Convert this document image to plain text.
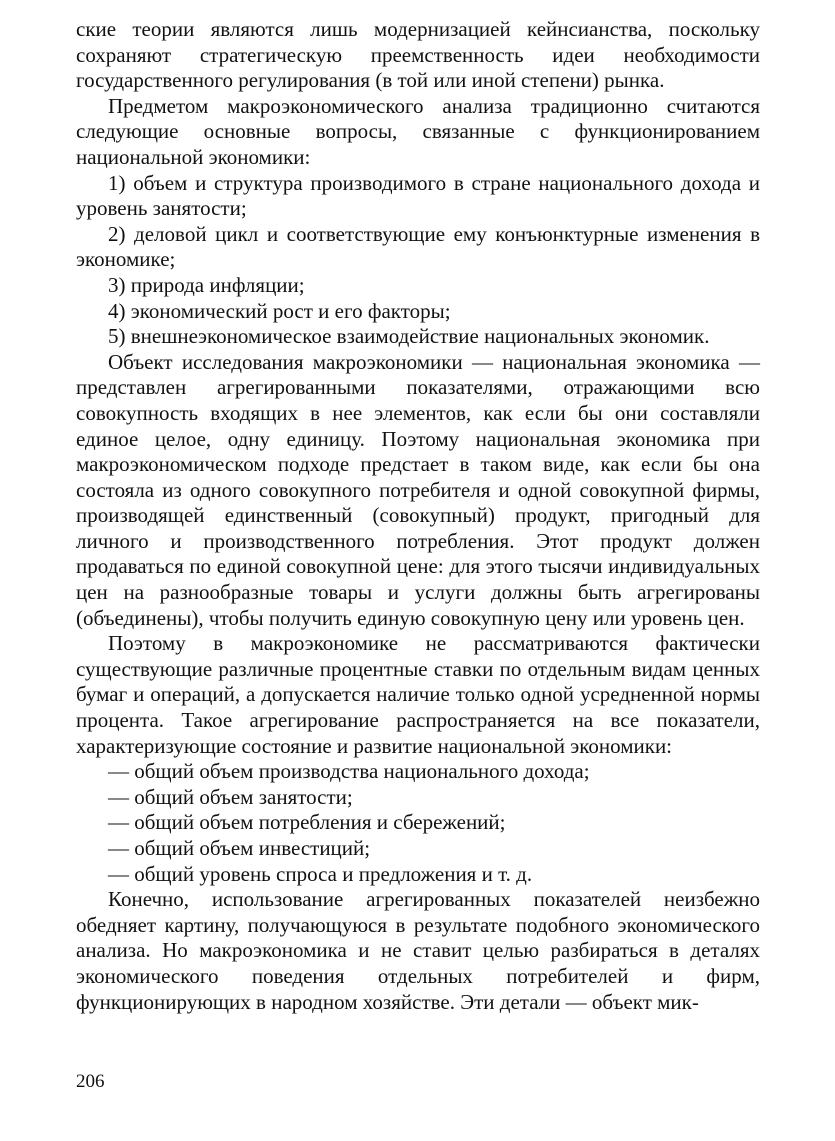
ские теории являются лишь модернизацией кейнсианства, поскольку сохраняют стратегическую преемственность идеи необходимости государственного регулирования (в той или иной степени) рынка.

Предметом макроэкономического анализа традиционно считаются следующие основные вопросы, связанные с функционированием национальной экономики:

1) объем и структура производимого в стране национального дохода и уровень занятости;

2) деловой цикл и соответствующие ему конъюнктурные изменения в экономике;

3) природа инфляции;

4) экономический рост и его факторы;

5) внешнеэкономическое взаимодействие национальных экономик.

Объект исследования макроэкономики — национальная экономика — представлен агрегированными показателями, отражающими всю совокупность входящих в нее элементов, как если бы они составляли единое целое, одну единицу. Поэтому национальная экономика при макроэкономическом подходе предстает в таком виде, как если бы она состояла из одного совокупного потребителя и одной совокупной фирмы, производящей единственный (совокупный) продукт, пригодный для личного и производственного потребления. Этот продукт должен продаваться по единой совокупной цене: для этого тысячи индивидуальных цен на разнообразные товары и услуги должны быть агрегированы (объединены), чтобы получить единую совокупную цену или уровень цен.

Поэтому в макроэкономике не рассматриваются фактически существующие различные процентные ставки по отдельным видам ценных бумаг и операций, а допускается наличие только одной усредненной нормы процента. Такое агрегирование распространяется на все показатели, характеризующие состояние и развитие национальной экономики:

— общий объем производства национального дохода;

— общий объем занятости;

— общий объем потребления и сбережений;

— общий объем инвестиций;

— общий уровень спроса и предложения и т. д.

Конечно, использование агрегированных показателей неизбежно обедняет картину, получающуюся в результате подобного экономического анализа. Но макроэкономика и не ставит целью разбираться в деталях экономического поведения отдельных потребителей и фирм, функционирующих в народном хозяйстве. Эти детали — объект мик-

206
